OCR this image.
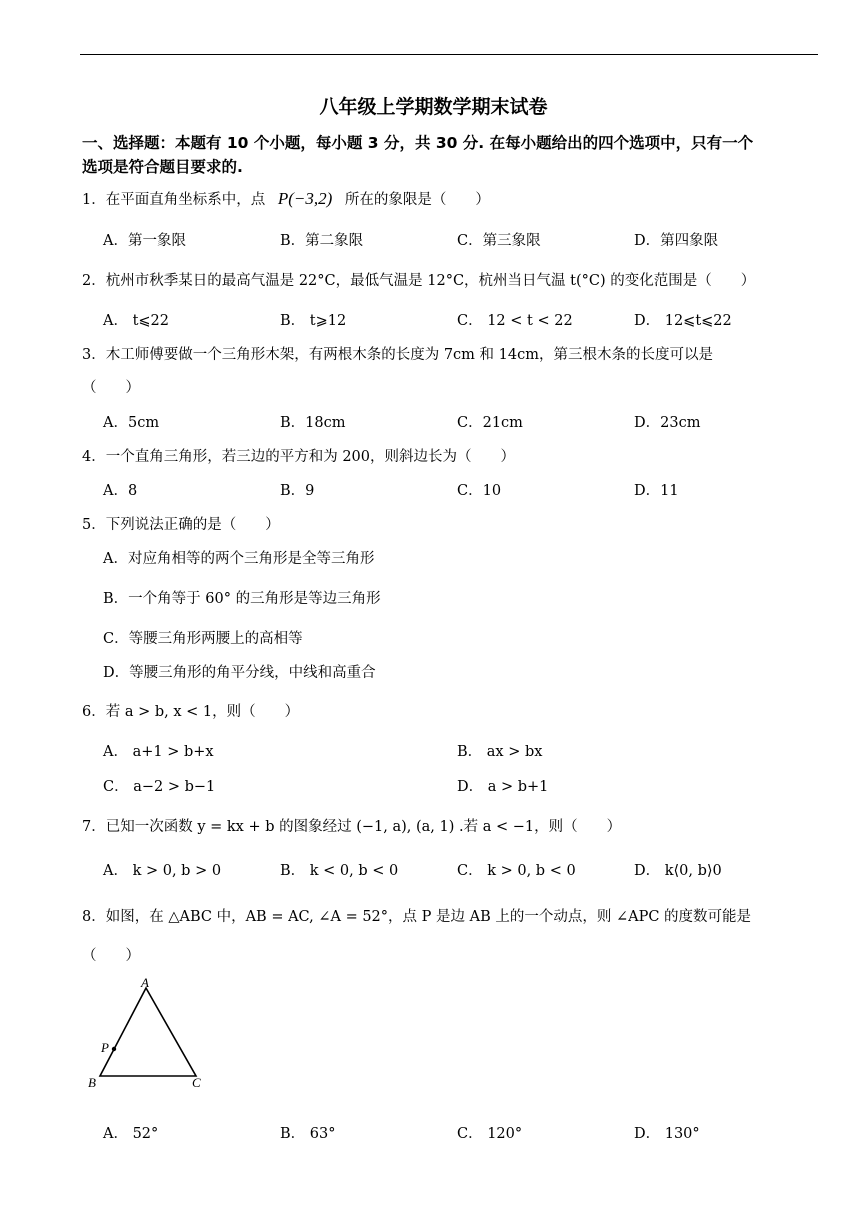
八年级上学期数学期末试卷
一、选择题：本题有 10 个小题，每小题 3 分，共 30 分. 在每小题给出的四个选项中，只有一个
选项是符合题目要求的.
1．在平面直角坐标系中，点 P(−3,2) 所在的象限是（　　）
A．第一象限	B．第二象限	C．第三象限	D．第四象限
2．杭州市秋季某日的最高气温是 22°C，最低气温是 12°C，杭州当日气温 t(°C) 的变化范围是（　　）
A． t⩽22	B． t⩾12	C． 12 < t < 22	D． 12⩽t⩽22
3．木工师傅要做一个三角形木架，有两根木条的长度为 7cm 和 14cm，第三根木条的长度可以是
（　　）
A．5cm	B．18cm	C．21cm	D．23cm
4．一个直角三角形，若三边的平方和为 200，则斜边长为（　　）
A．8	B．9	C．10	D．11
5．下列说法正确的是（　　）
A．对应角相等的两个三角形是全等三角形
B．一个角等于 60° 的三角形是等边三角形
C．等腰三角形两腰上的高相等
D．等腰三角形的角平分线，中线和高重合
6．若 a > b, x < 1，则（　　）
A． a+1 > b+x	B． ax > bx
C． a−2 > b−1	D． a > b+1
7．已知一次函数 y = kx + b 的图象经过 (−1, a), (a, 1) .若 a < −1，则（　　）
A． k > 0, b > 0	B． k < 0, b < 0	C． k > 0, b < 0	D． k⟨0, b⟩0
8．如图，在 △ABC 中，AB = AC, ∠A = 52°，点 P 是边 AB 上的一个动点，则 ∠APC 的度数可能是
（　　）
A
P
B	C
A． 52°	B． 63°	C． 120°	D． 130°
